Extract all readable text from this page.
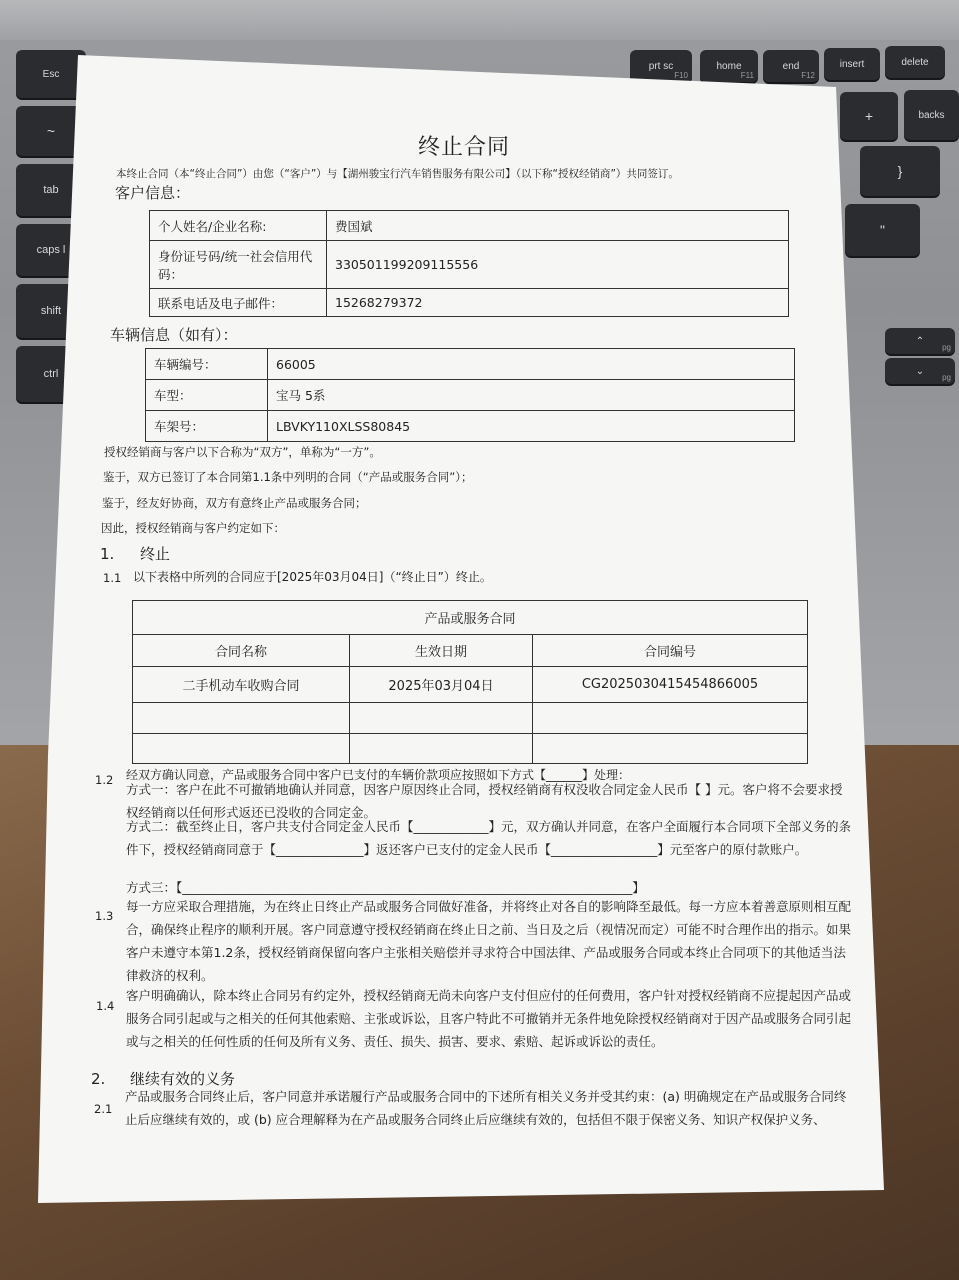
Esc
prt sc
F10
home
F11
end
F12
insert	delete
~
tab
caps l
shift
ctrl
+	backs
}
"
⌃
pg
⌄
pg
终止合同
本终止合同（本“终止合同”）由您（“客户”）与【湖州骏宝行汽车销售服务有限公司】（以下称“授权经销商”）共同签订。
客户信息：
个人姓名/企业名称:	费国斌
身份证号码/统一社会信用代码：	330501199209115556
联系电话及电子邮件：	15268279372
车辆信息（如有）：
车辆编号：	66005
车型：	宝马 5系
车架号：	LBVKY110XLSS80845
授权经销商与客户以下合称为“双方”，单称为“一方”。
鉴于，双方已签订了本合同第1.1条中列明的合同（“产品或服务合同”）；
鉴于，经友好协商，双方有意终止产品或服务合同；
因此，授权经销商与客户约定如下：
1. 终止
1.1 以下表格中所列的合同应于[2025年03月04日]（“终止日”）终止。
产品或服务合同		
合同名称	生效日期	合同编号
二手机动车收购合同	2025年03月04日	CG2025030415454866005

1.2 经双方确认同意，产品或服务合同中客户已支付的车辆价款项应按照如下方式【______】处理：
方式一：客户在此不可撤销地确认并同意，因客户原因终止合同，授权经销商有权没收合同定金人民币【 】元。客户将不会要求授权经销商以任何形式返还已没收的合同定金。
方式二：截至终止日，客户共支付合同定金人民币【____________】元，双方确认并同意，在客户全面履行本合同项下全部义务的条件下，授权经销商同意于【______________】返还客户已支付的定金人民币【_________________】元至客户的原付款账户。
方式三：【________________________________________________________________________】
1.3
每一方应采取合理措施，为在终止日终止产品或服务合同做好准备，并将终止对各自的影响降至最低。每一方应本着善意原则相互配合，确保终止程序的顺利开展。客户同意遵守授权经销商在终止日之前、当日及之后（视情况而定）可能不时合理作出的指示。如果客户未遵守本第1.2条，授权经销商保留向客户主张相关赔偿并寻求符合中国法律、产品或服务合同或本终止合同项下的其他适当法律救济的权利。
1.4
客户明确确认，除本终止合同另有约定外，授权经销商无尚未向客户支付但应付的任何费用，客户针对授权经销商不应提起因产品或服务合同引起或与之相关的任何其他索赔、主张或诉讼，且客户特此不可撤销并无条件地免除授权经销商对于因产品或服务合同引起或与之相关的任何性质的任何及所有义务、责任、损失、损害、要求、索赔、起诉或诉讼的责任。
2. 继续有效的义务
2.1
产品或服务合同终止后，客户同意并承诺履行产品或服务合同中的下述所有相关义务并受其约束：(a) 明确规定在产品或服务合同终止后应继续有效的，或 (b) 应合理解释为在产品或服务合同终止后应继续有效的，包括但不限于保密义务、知识产权保护义务、
